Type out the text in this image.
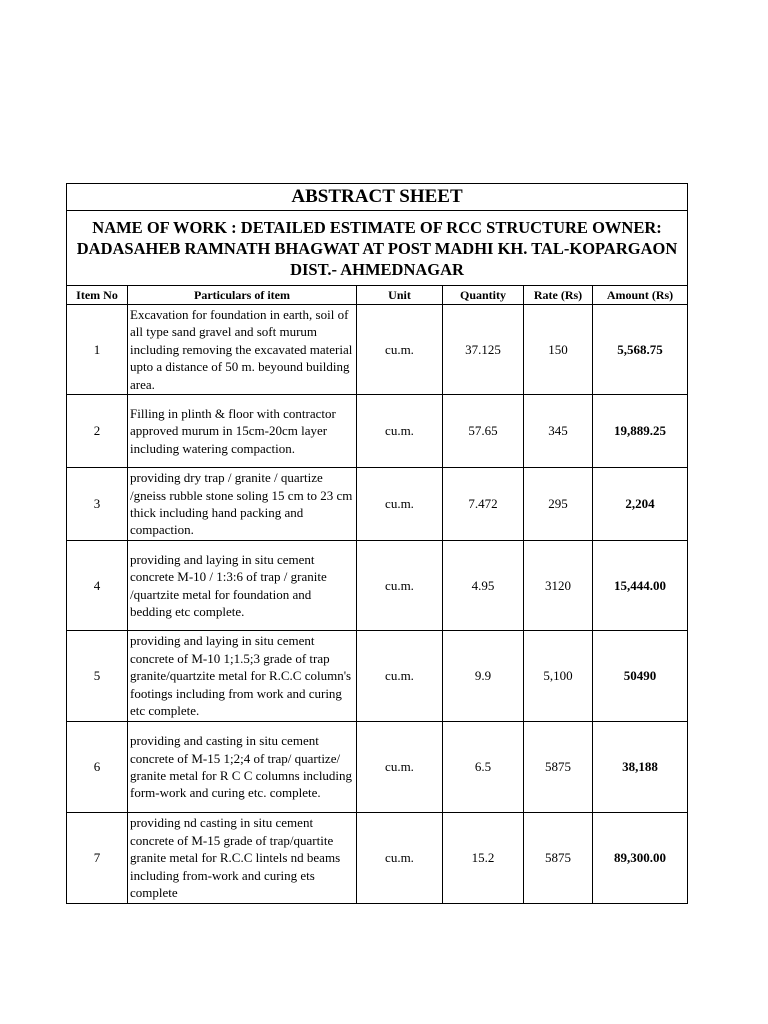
ABSTRACT SHEET					
NAME OF WORK : DETAILED ESTIMATE OF RCC STRUCTURE OWNER: DADASAHEB RAMNATH BHAGWAT AT POST MADHI KH. TAL-KOPARGAON DIST.- AHMEDNAGAR					
Item No	Particulars of item	Unit	Quantity	Rate (Rs)	Amount (Rs)
1	Excavation for foundation in earth, soil of all type sand gravel and soft murum including removing the excavated material upto a distance of 50 m. beyound building area.	cu.m.	37.125	150	5,568.75
2	Filling in plinth & floor with contractor approved murum in 15cm-20cm layer including watering compaction.	cu.m.	57.65	345	19,889.25
3	providing dry trap / granite / quartize /gneiss rubble stone soling 15 cm to 23 cm thick including hand packing and compaction.	cu.m.	7.472	295	2,204
4	providing and laying in situ cement concrete M-10 / 1:3:6 of trap / granite /quartzite metal for foundation and bedding etc complete.	cu.m.	4.95	3120	15,444.00
5	providing and laying in situ cement concrete of M-10 1;1.5;3 grade of trap granite/quartzite metal for R.C.C column's footings including from work and curing etc complete.	cu.m.	9.9	5,100	50490
6	providing and casting in situ cement concrete of M-15 1;2;4 of trap/ quartize/ granite metal for R C C columns including form-work and curing etc. complete.	cu.m.	6.5	5875	38,188
7	providing nd casting in situ cement concrete of M-15 grade of trap/quartite granite metal for R.C.C lintels nd beams including from-work and curing ets complete	cu.m.	15.2	5875	89,300.00
